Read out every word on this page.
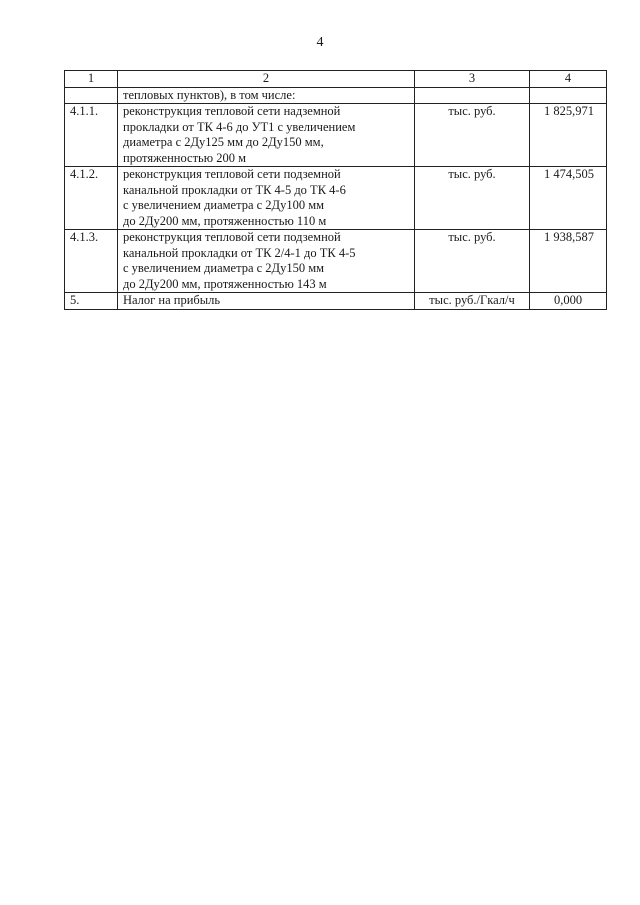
4
1	2	3	4

	тепловых пунктов), в том числе:		

4.1.1.	реконструкция тепловой сети надземной
прокладки от ТК 4-6 до УТ1 с увеличением
диаметра с 2Ду125 мм до 2Ду150 мм,
протяженностью 200 м	тыс. руб.	1 825,971
4.1.2.	реконструкция тепловой сети подземной
канальной прокладки от ТК 4-5 до ТК 4-6
с увеличением диаметра с 2Ду100 мм
до 2Ду200 мм, протяженностью 110 м	тыс. руб.	1 474,505
4.1.3.	реконструкция тепловой сети подземной
канальной прокладки от ТК 2/4-1 до ТК 4-5
с увеличением диаметра с 2Ду150 мм
до 2Ду200 мм, протяженностью 143 м	тыс. руб.	1 938,587
5.	Налог на прибыль	тыс. руб./Гкал/ч	0,000
